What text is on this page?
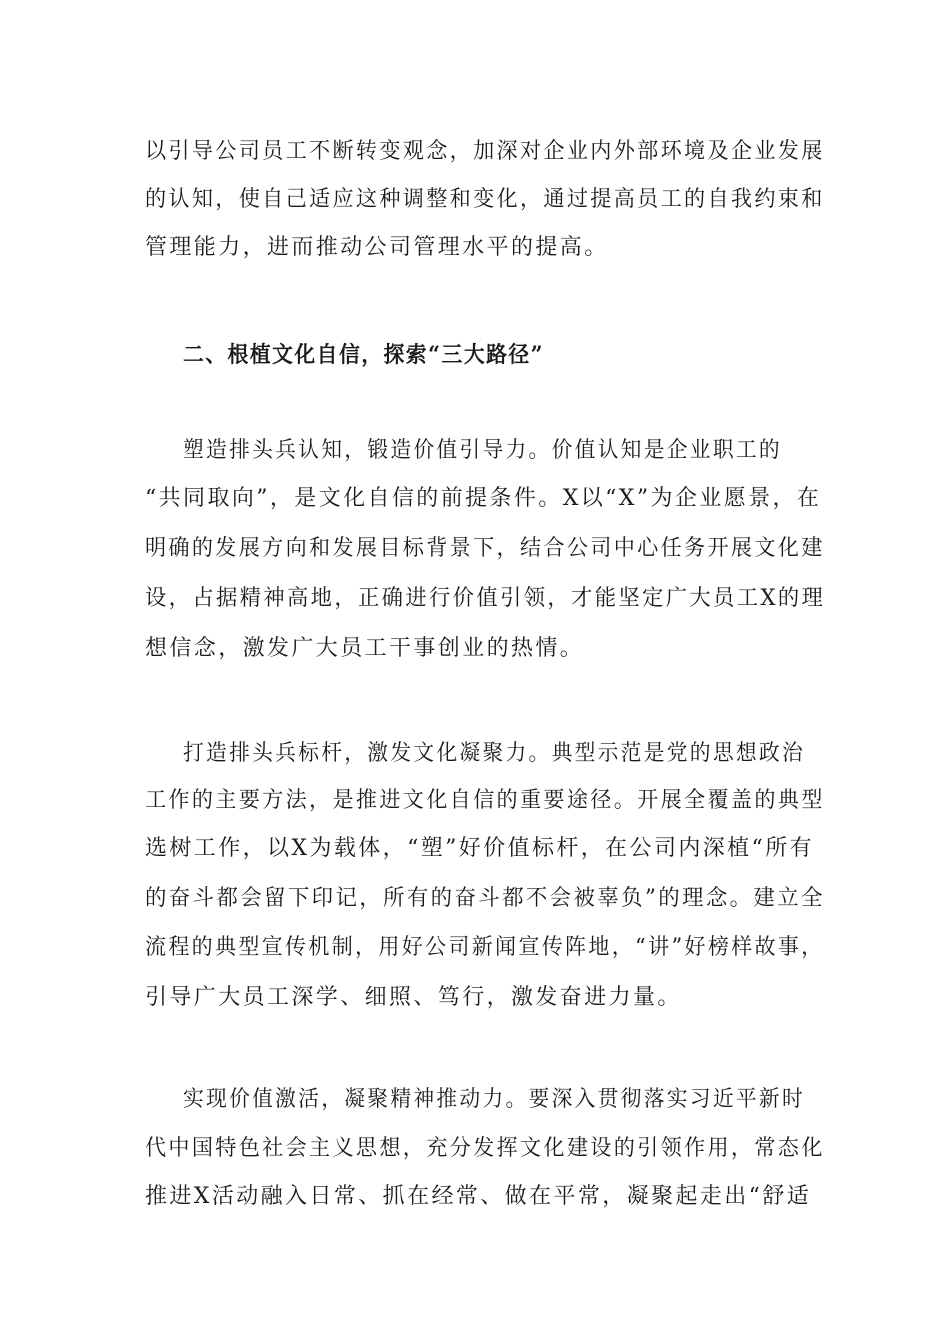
以引导公司员工不断转变观念，加深对企业内外部环境及企业发展
的认知，使自己适应这种调整和变化，通过提高员工的自我约束和
管理能力，进而推动公司管理水平的提高。
二、根植文化自信，探索“三大路径”
塑造排头兵认知，锻造价值引导力。价值认知是企业职工的
“共同取向”，是文化自信的前提条件。X以“X”为企业愿景，在
明确的发展方向和发展目标背景下，结合公司中心任务开展文化建
设，占据精神高地，正确进行价值引领，才能坚定广大员工X的理
想信念，激发广大员工干事创业的热情。
打造排头兵标杆，激发文化凝聚力。典型示范是党的思想政治
工作的主要方法，是推进文化自信的重要途径。开展全覆盖的典型
选树工作，以X为载体，“塑”好价值标杆，在公司内深植“所有
的奋斗都会留下印记，所有的奋斗都不会被辜负”的理念。建立全
流程的典型宣传机制，用好公司新闻宣传阵地，“讲”好榜样故事，
引导广大员工深学、细照、笃行，激发奋进力量。
实现价值激活，凝聚精神推动力。要深入贯彻落实习近平新时
代中国特色社会主义思想，充分发挥文化建设的引领作用，常态化
推进X活动融入日常、抓在经常、做在平常，凝聚起走出“舒适
